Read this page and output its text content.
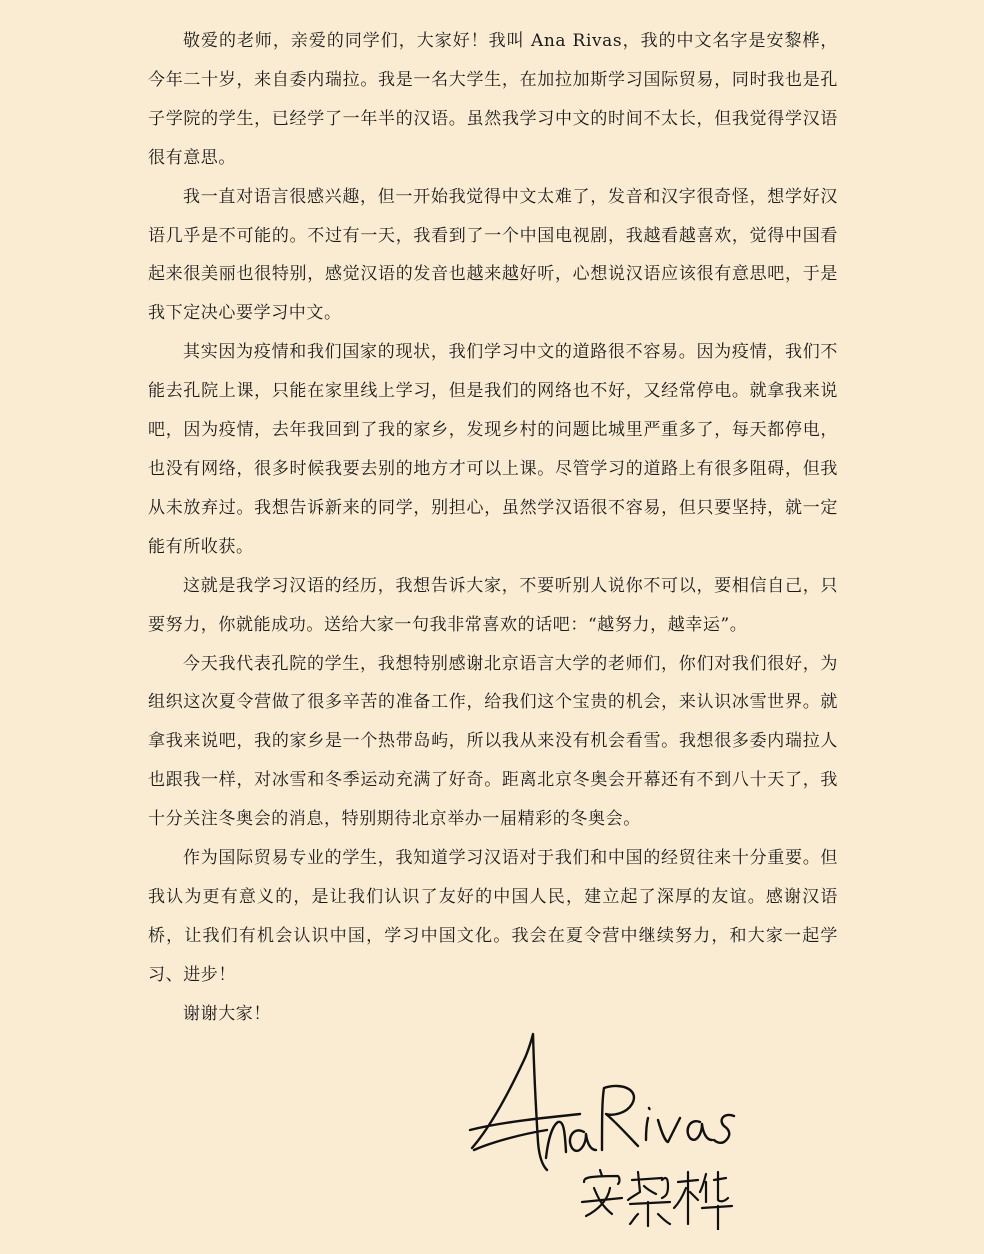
敬爱的老师，亲爱的同学们，大家好！我叫 Ana Rivas，我的中文名字是安黎桦，今年二十岁，来自委内瑞拉。我是一名大学生，在加拉加斯学习国际贸易，同时我也是孔子学院的学生，已经学了一年半的汉语。虽然我学习中文的时间不太长，但我觉得学汉语很有意思。

我一直对语言很感兴趣，但一开始我觉得中文太难了，发音和汉字很奇怪，想学好汉语几乎是不可能的。不过有一天，我看到了一个中国电视剧，我越看越喜欢，觉得中国看起来很美丽也很特别，感觉汉语的发音也越来越好听，心想说汉语应该很有意思吧，于是我下定决心要学习中文。

其实因为疫情和我们国家的现状，我们学习中文的道路很不容易。因为疫情，我们不能去孔院上课，只能在家里线上学习，但是我们的网络也不好，又经常停电。就拿我来说吧，因为疫情，去年我回到了我的家乡，发现乡村的问题比城里严重多了，每天都停电，也没有网络，很多时候我要去别的地方才可以上课。尽管学习的道路上有很多阻碍，但我从未放弃过。我想告诉新来的同学，别担心，虽然学汉语很不容易，但只要坚持，就一定能有所收获。

这就是我学习汉语的经历，我想告诉大家，不要听别人说你不可以，要相信自己，只要努力，你就能成功。送给大家一句我非常喜欢的话吧：“越努力，越幸运”。

今天我代表孔院的学生，我想特别感谢北京语言大学的老师们，你们对我们很好，为组织这次夏令营做了很多辛苦的准备工作，给我们这个宝贵的机会，来认识冰雪世界。就拿我来说吧，我的家乡是一个热带岛屿，所以我从来没有机会看雪。我想很多委内瑞拉人也跟我一样，对冰雪和冬季运动充满了好奇。距离北京冬奥会开幕还有不到八十天了，我十分关注冬奥会的消息，特别期待北京举办一届精彩的冬奥会。

作为国际贸易专业的学生，我知道学习汉语对于我们和中国的经贸往来十分重要。但我认为更有意义的，是让我们认识了友好的中国人民，建立起了深厚的友谊。感谢汉语桥，让我们有机会认识中国，学习中国文化。我会在夏令营中继续努力，和大家一起学习、进步！

谢谢大家！
